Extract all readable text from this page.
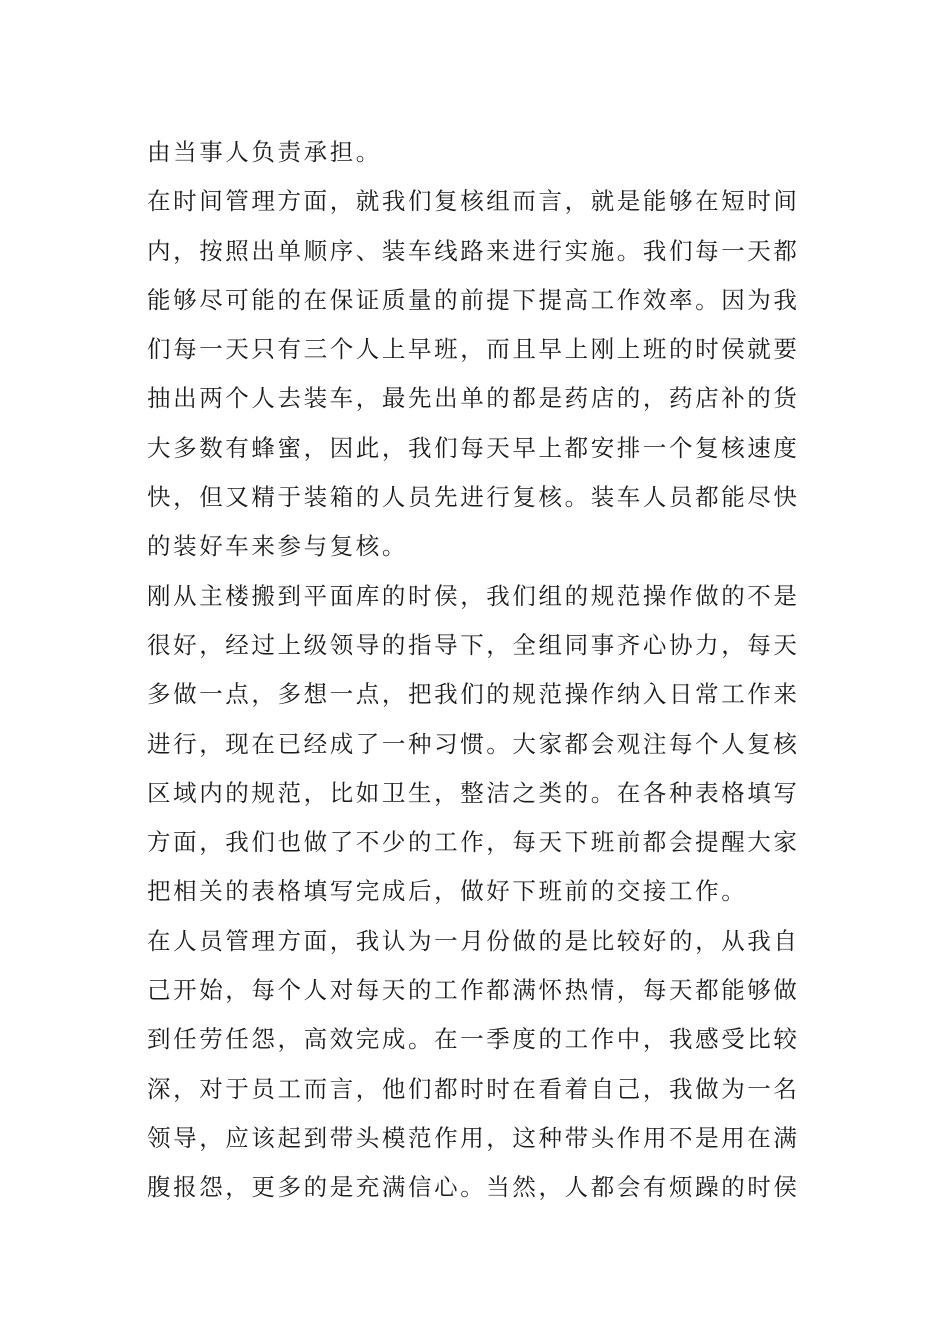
由当事人负责承担。
在时间管理方面，就我们复核组而言，就是能够在短时间
内，按照出单顺序、装车线路来进行实施。我们每一天都
能够尽可能的在保证质量的前提下提高工作效率。因为我
们每一天只有三个人上早班，而且早上刚上班的时侯就要
抽出两个人去装车，最先出单的都是药店的，药店补的货
大多数有蜂蜜，因此，我们每天早上都安排一个复核速度
快，但又精于装箱的人员先进行复核。装车人员都能尽快
的装好车来参与复核。
刚从主楼搬到平面库的时侯，我们组的规范操作做的不是
很好，经过上级领导的指导下，全组同事齐心协力，每天
多做一点，多想一点，把我们的规范操作纳入日常工作来
进行，现在已经成了一种习惯。大家都会观注每个人复核
区域内的规范，比如卫生，整洁之类的。在各种表格填写
方面，我们也做了不少的工作，每天下班前都会提醒大家
把相关的表格填写完成后，做好下班前的交接工作。
在人员管理方面，我认为一月份做的是比较好的，从我自
己开始，每个人对每天的工作都满怀热情，每天都能够做
到任劳任怨，高效完成。在一季度的工作中，我感受比较
深，对于员工而言，他们都时时在看着自己，我做为一名
领导，应该起到带头模范作用，这种带头作用不是用在满
腹报怨，更多的是充满信心。当然，人都会有烦躁的时侯
